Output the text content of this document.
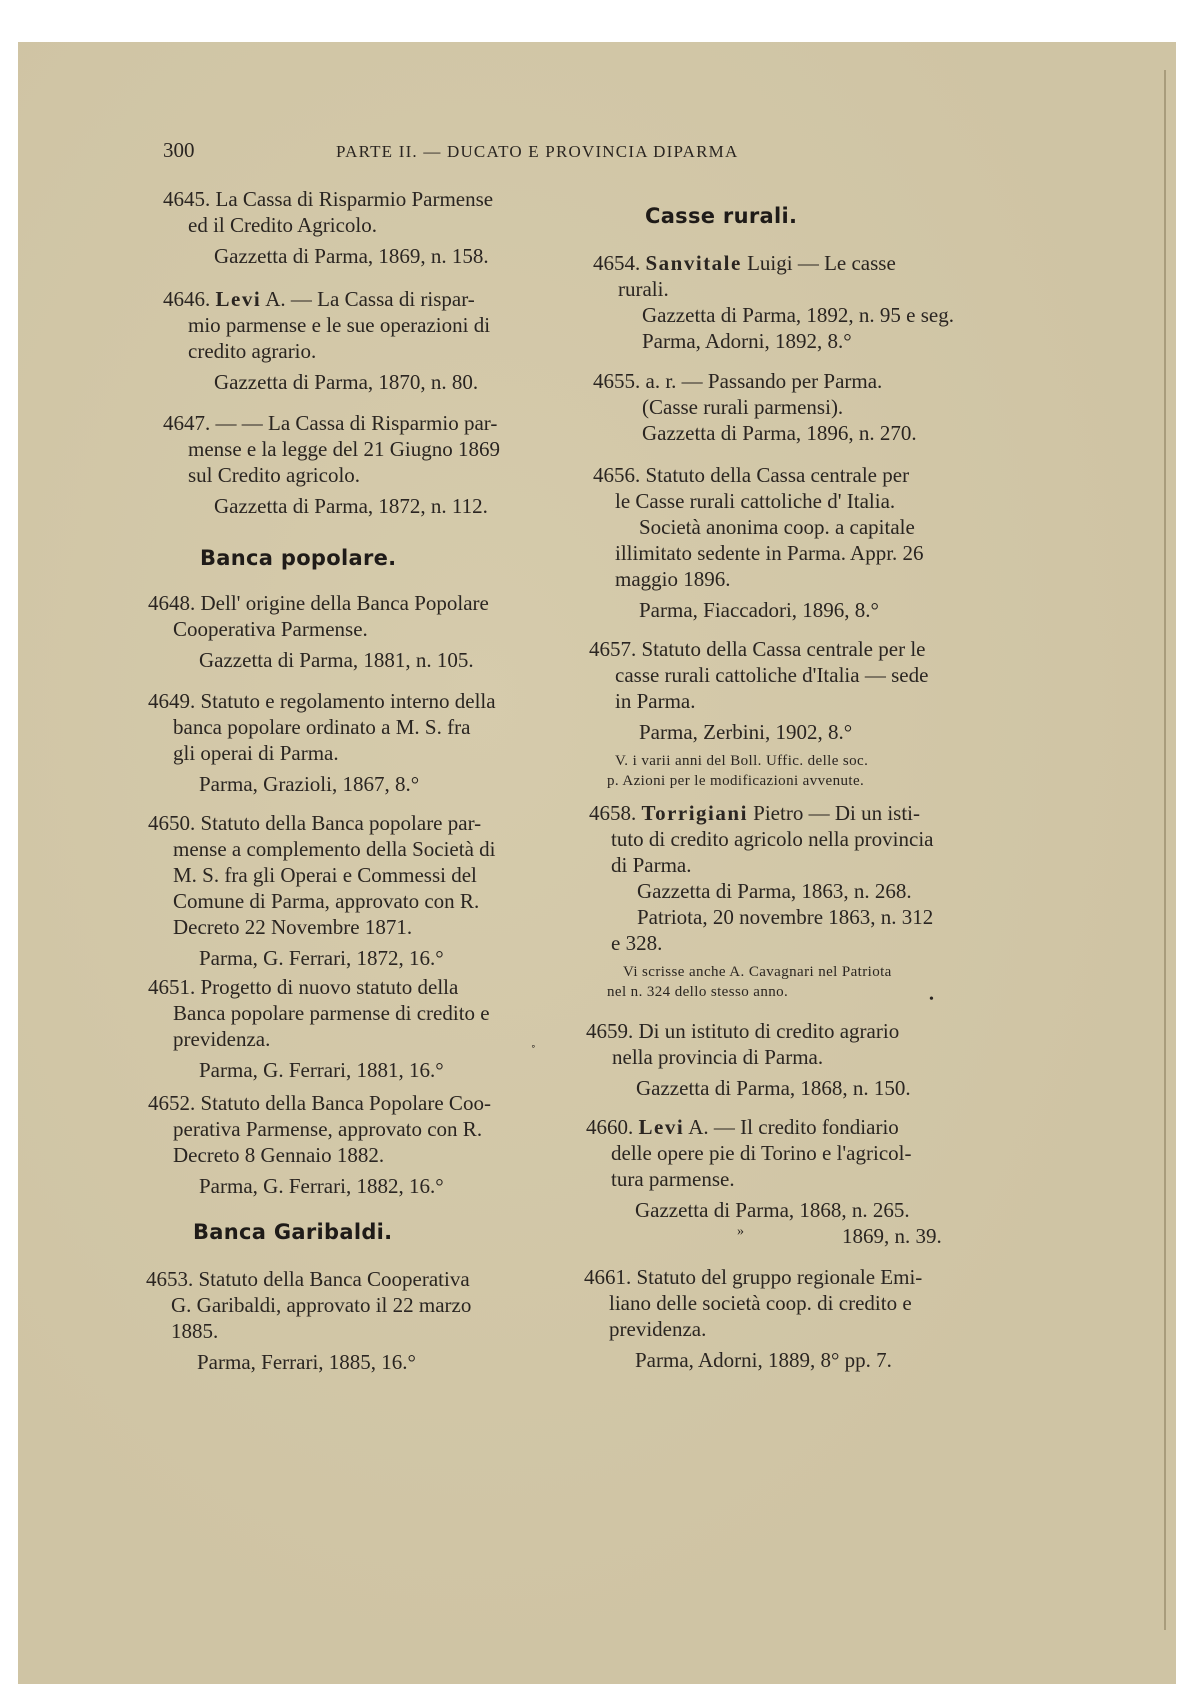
300	PARTE II. — DUCATO E PROVINCIA DIPARMA
4645. La Cassa di Risparmio Parmense
ed il Credito Agricolo.
Gazzetta di Parma, 1869, n. 158.
4646. Levi A. — La Cassa di rispar-
mio parmense e le sue operazioni di
credito agrario.
Gazzetta di Parma, 1870, n. 80.
4647. — — La Cassa di Risparmio par-
mense e la legge del 21 Giugno 1869
sul Credito agricolo.
Gazzetta di Parma, 1872, n. 112.
Banca popolare.
4648. Dell' origine della Banca Popolare
Cooperativa Parmense.
Gazzetta di Parma, 1881, n. 105.
4649. Statuto e regolamento interno della
banca popolare ordinato a M. S. fra
gli operai di Parma.
Parma, Grazioli, 1867, 8.°
4650. Statuto della Banca popolare par-
mense a complemento della Società di
M. S. fra gli Operai e Commessi del
Comune di Parma, approvato con R.
Decreto 22 Novembre 1871.
Parma, G. Ferrari, 1872, 16.°
4651. Progetto di nuovo statuto della
Banca popolare parmense di credito e
previdenza.
Parma, G. Ferrari, 1881, 16.°
˚
4652. Statuto della Banca Popolare Coo-
perativa Parmense, approvato con R.
Decreto 8 Gennaio 1882.
Parma, G. Ferrari, 1882, 16.°
Banca Garibaldi.
4653. Statuto della Banca Cooperativa
G. Garibaldi, approvato il 22 marzo
1885.
Parma, Ferrari, 1885, 16.°
Casse rurali.
4654. Sanvitale Luigi — Le casse
rurali.
Gazzetta di Parma, 1892, n. 95 e seg.
Parma, Adorni, 1892, 8.°
4655. a. r. — Passando per Parma.
(Casse rurali parmensi).
Gazzetta di Parma, 1896, n. 270.
4656. Statuto della Cassa centrale per
le Casse rurali cattoliche d' Italia.
Società anonima coop. a capitale
illimitato sedente in Parma. Appr. 26
maggio 1896.
Parma, Fiaccadori, 1896, 8.°
4657. Statuto della Cassa centrale per le
casse rurali cattoliche d'Italia — sede
in Parma.
Parma, Zerbini, 1902, 8.°
V. i varii anni del Boll. Uffic. delle soc.
p. Azioni per le modificazioni avvenute.
4658. Torrigiani Pietro — Di un isti-
tuto di credito agricolo nella provincia
di Parma.
Gazzetta di Parma, 1863, n. 268.
Patriota, 20 novembre 1863, n. 312
e 328.
Vi scrisse anche A. Cavagnari nel Patriota
nel n. 324 dello stesso anno.	•
4659. Di un istituto di credito agrario
nella provincia di Parma.
Gazzetta di Parma, 1868, n. 150.
4660. Levi A. — Il credito fondiario
delle opere pie di Torino e l'agricol-
tura parmense.
Gazzetta di Parma, 1868, n. 265.
1869, n. 39.
»
4661. Statuto del gruppo regionale Emi-
liano delle società coop. di credito e
previdenza.
Parma, Adorni, 1889, 8° pp. 7.
